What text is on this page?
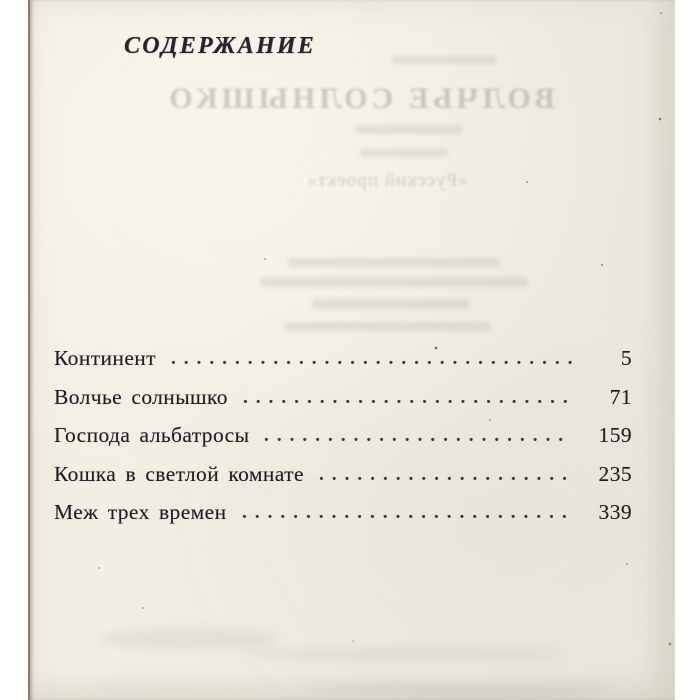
ВОЛЧЬЕ СОЛНЫШКО
«Русский проект»
СОДЕРЖАНИЕ
Континент	5
Волчье солнышко	71
Господа альбатросы	159
Кошка в светлой комнате	235
Меж трех времен	339
